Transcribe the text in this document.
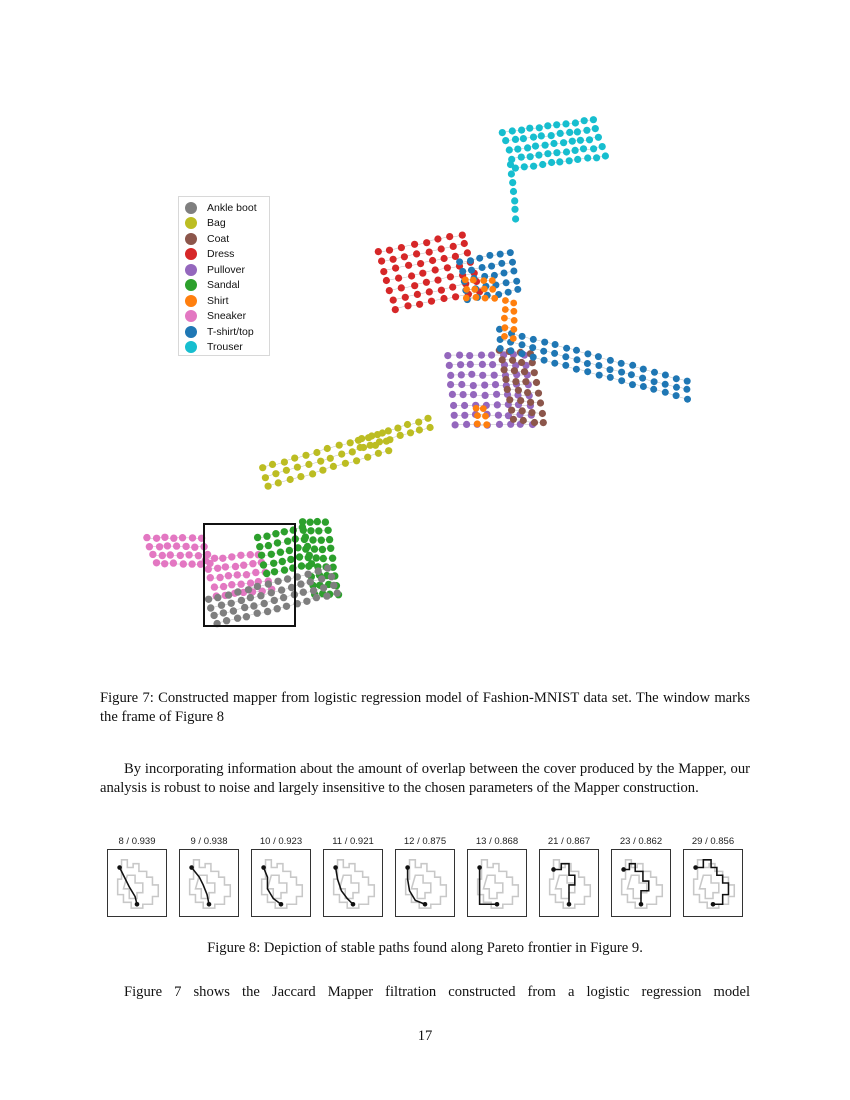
Ankle boot
Bag
Coat
Dress
Pullover
Sandal
Shirt
Sneaker
T-shirt/top
Trouser

Figure 7: Constructed mapper from logistic regression model of Fashion-MNIST data set. The window marks the frame of Figure 8

By incorporating information about the amount of overlap between the cover produced by the Mapper, our analysis is robust to noise and largely insensitive to the chosen parameters of the Mapper construction.

8 / 0.939	9 / 0.938	10 / 0.923	11 / 0.921	12 / 0.875	13 / 0.868	21 / 0.867	23 / 0.862	29 / 0.856

Figure 8: Depiction of stable paths found along Pareto frontier in Figure 9.

Figure 7 shows the Jaccard Mapper filtration constructed from a logistic regression model

17
